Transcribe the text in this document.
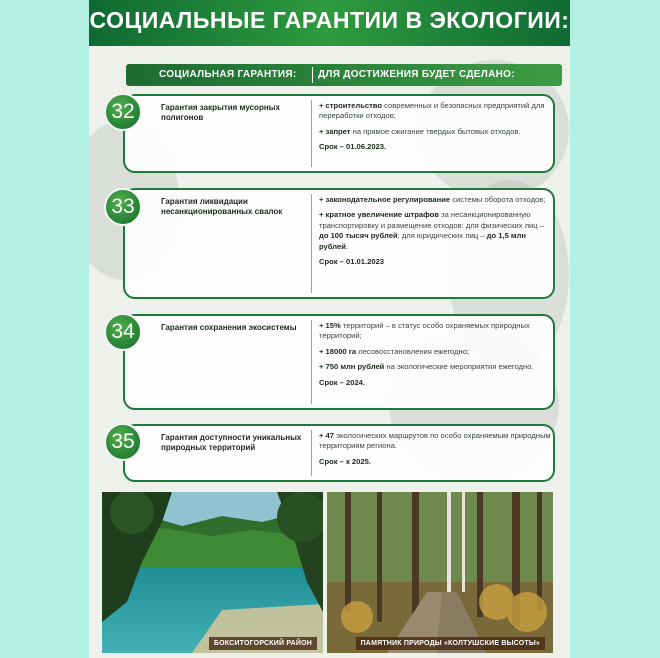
СОЦИАЛЬНЫЕ ГАРАНТИИ В ЭКОЛОГИИ:
СОЦИАЛЬНАЯ ГАРАНТИЯ: ДЛЯ ДОСТИЖЕНИЯ БУДЕТ СДЕЛАНО:
Гарантия закрытия мусорных полигонов

+ строительство современных и безопасных предприятий для переработки отходов;

+ запрет на прямое сжигание твердых бытовых отходов.

Срок – 01.06.2023.

32
Гарантия ликвидации несанкционированных свалок

+ законодательное регулирование системы оборота отходов;

+ кратное увеличение штрафов за несанкционированную транспортировку и размещение отходов: для физических лиц – до 100 тысяч рублей; для юридических лиц – до 1,5 млн рублей.

Срок – 01.01.2023

33
Гарантия сохранения экосистемы	+ 15% территорий – в статус особо охраняемых природных территорий;

+ 18000 га лесовосстановления ежегодно;

+ 750 млн рублей на экологические мероприятия ежегодно.

Срок – 2024.

34
Гарантия доступности уникальных природных территорий

+ 47 экологических маршрутов по особо охраняемым природным территориям региона.

Срок – к 2025.

35
БОКСИТОГОРСКИЙ РАЙОН	ПАМЯТНИК ПРИРОДЫ «КОЛТУШСКИЕ ВЫСОТЫ»
